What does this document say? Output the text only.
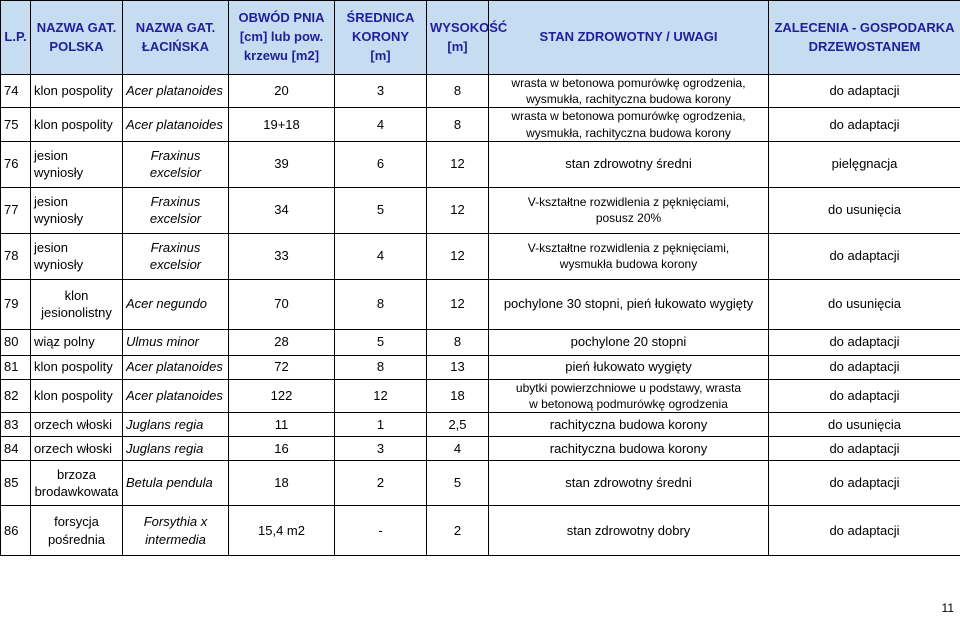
L.P.	NAZWA GAT.
POLSKA	NAZWA GAT.
ŁACIŃSKA	OBWÓD PNIA
[cm] lub pow.
krzewu [m2]	ŚREDNICA
KORONY
[m]	WYSOKOŚĆ
[m]	STAN ZDROWOTNY / UWAGI	ZALECENIA - GOSPODARKA
DRZEWOSTANEM
74	klon pospolity	Acer platanoides	20	3	8	wrasta w betonowa pomurówkę ogrodzenia,
wysmukła, rachityczna budowa korony	do adaptacji
75	klon pospolity	Acer platanoides	19+18	4	8	wrasta w betonowa pomurówkę ogrodzenia,
wysmukła, rachityczna budowa korony	do adaptacji
76	jesion wyniosły	Fraxinus
excelsior	39	6	12	stan zdrowotny średni	pielęgnacja
77	jesion wyniosły	Fraxinus
excelsior	34	5	12	V-kształtne rozwidlenia z pęknięciami,
posusz 20%	do usunięcia
78	jesion wyniosły	Fraxinus
excelsior	33	4	12	V-kształtne rozwidlenia z pęknięciami,
wysmukła budowa korony	do adaptacji
79	klon
jesionolistny	Acer negundo	70	8	12	pochylone 30 stopni, pień łukowato wygięty	do usunięcia
80	wiąz polny	Ulmus minor	28	5	8	pochylone 20 stopni	do adaptacji
81	klon pospolity	Acer platanoides	72	8	13	pień łukowato wygięty	do adaptacji
82	klon pospolity	Acer platanoides	122	12	18	ubytki powierzchniowe u podstawy, wrasta
w betonową podmurówkę ogrodzenia	do adaptacji
83	orzech włoski	Juglans regia	11	1	2,5	rachityczna budowa korony	do usunięcia
84	orzech włoski	Juglans regia	16	3	4	rachityczna budowa korony	do adaptacji
85	brzoza
brodawkowata	Betula pendula	18	2	5	stan zdrowotny średni	do adaptacji
86	forsycja
pośrednia	Forsythia x
intermedia	15,4 m2	-	2	stan zdrowotny dobry	do adaptacji
11
